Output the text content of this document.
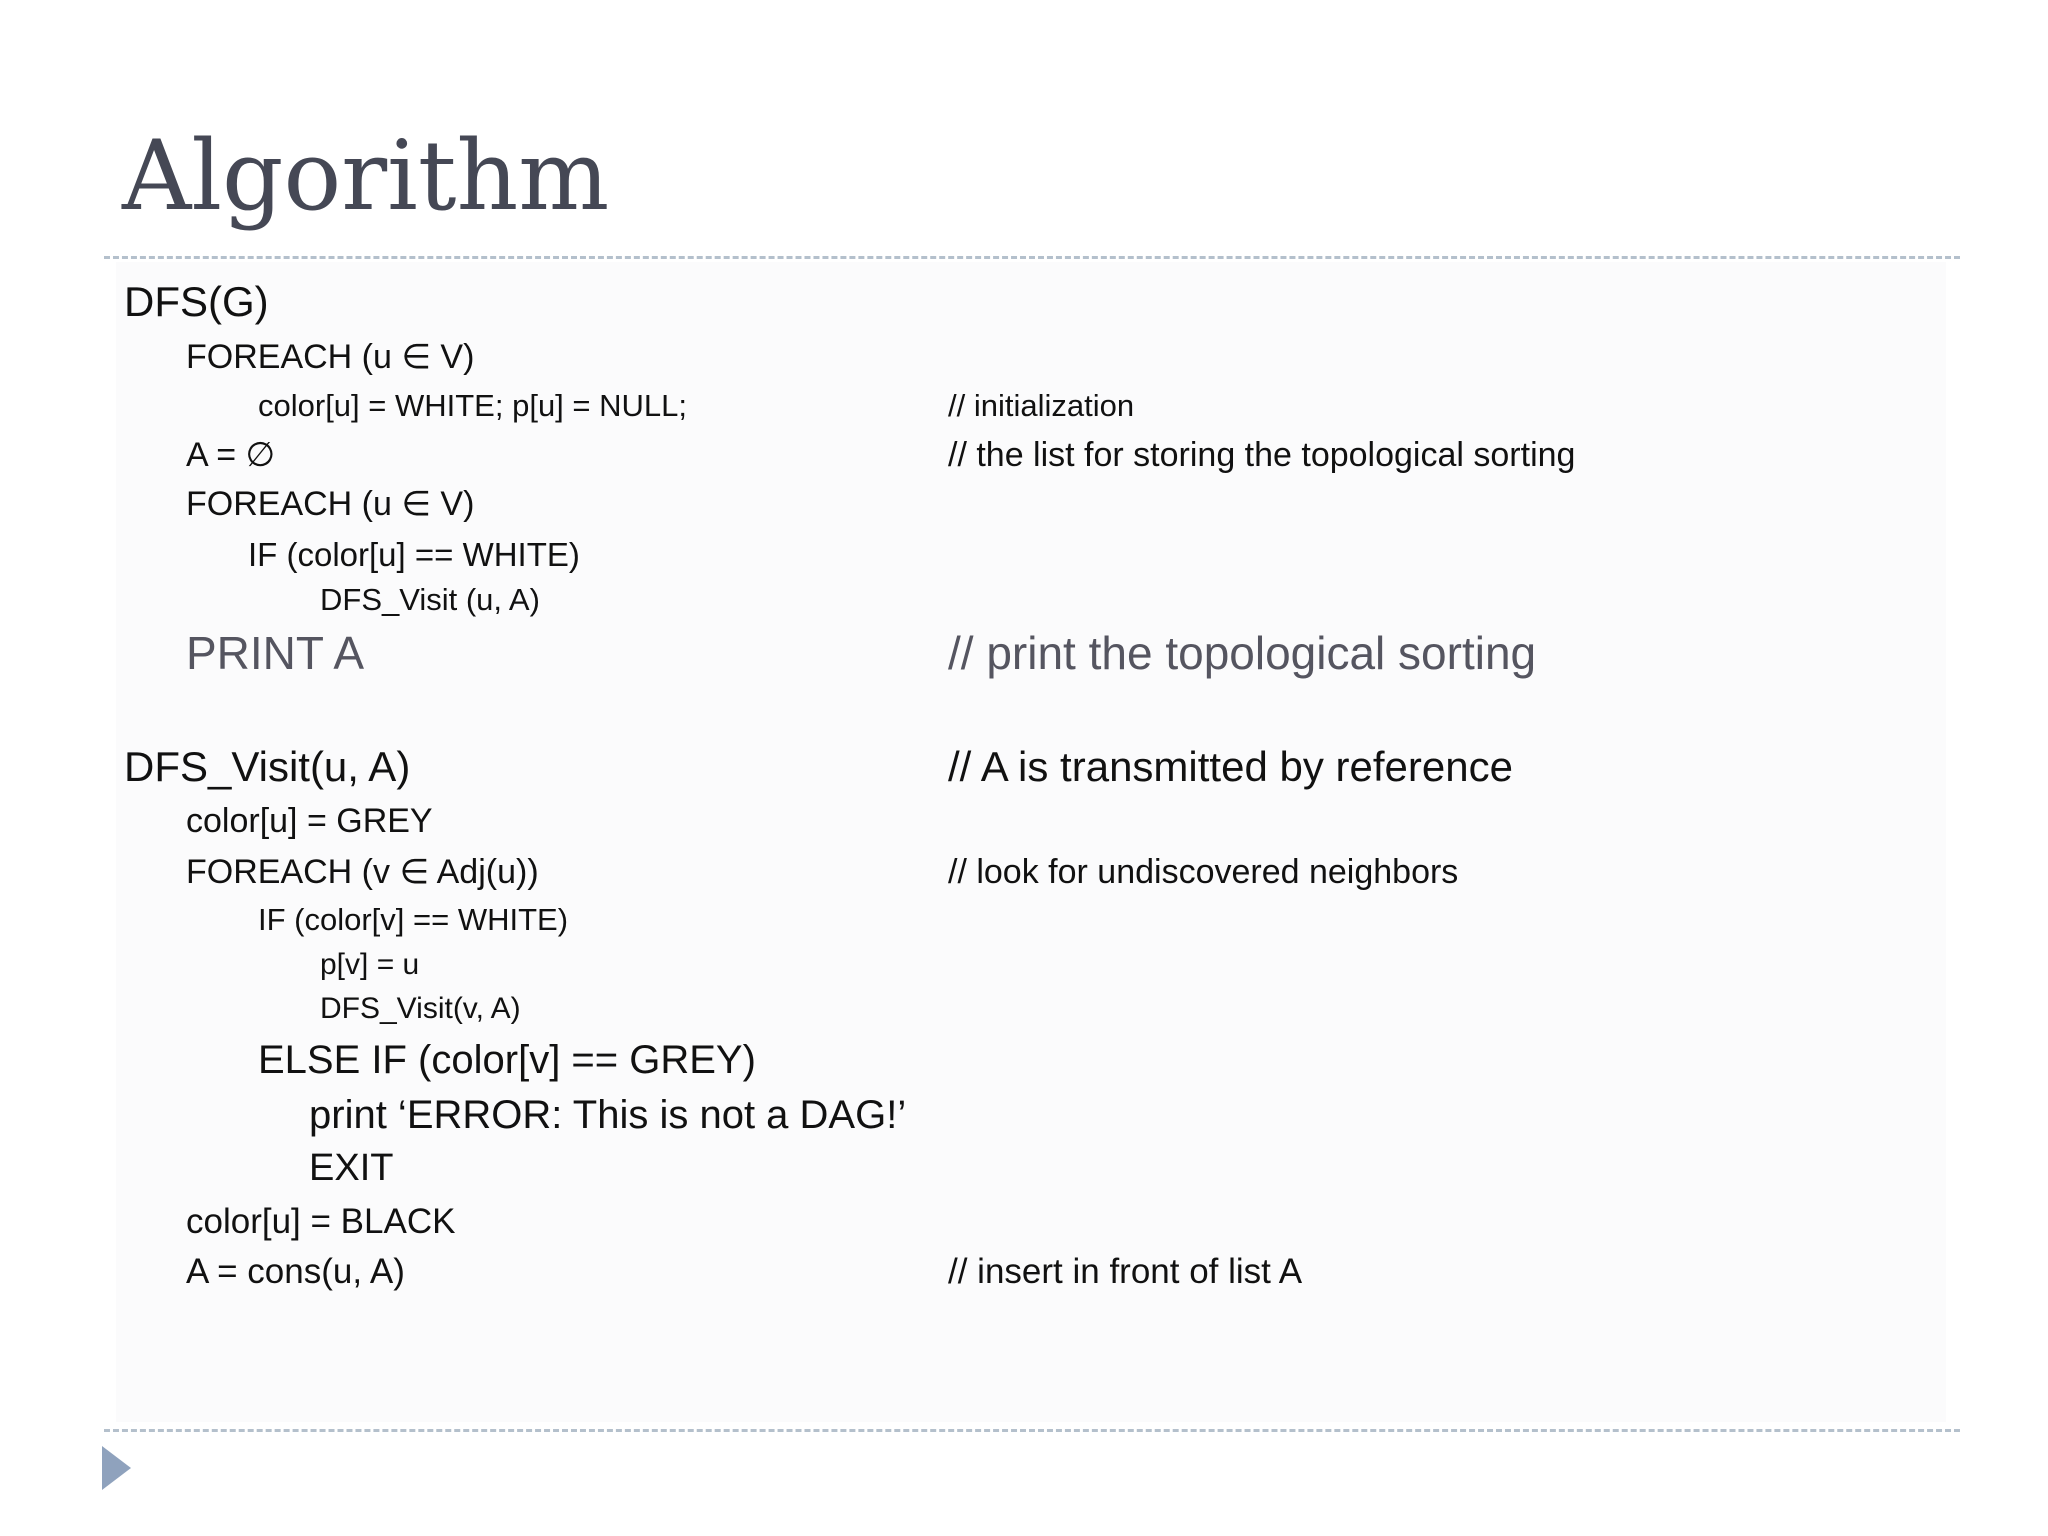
Algorithm
DFS(G)
FOREACH (u ∈ V)
color[u] = WHITE; p[u] = NULL;	// initialization
A = ∅	// the list for storing the topological sorting
FOREACH (u ∈ V)
IF (color[u] == WHITE)
DFS_Visit (u, A)
PRINT A	// print the topological sorting
DFS_Visit(u, A)	// A is transmitted by reference
color[u] = GREY
FOREACH (v ∈ Adj(u))	// look for undiscovered neighbors
IF (color[v] == WHITE)
p[v] = u
DFS_Visit(v, A)
ELSE IF (color[v] == GREY)
print ‘ERROR: This is not a DAG!’
EXIT
color[u] = BLACK
A = cons(u, A)	// insert in front of list A
